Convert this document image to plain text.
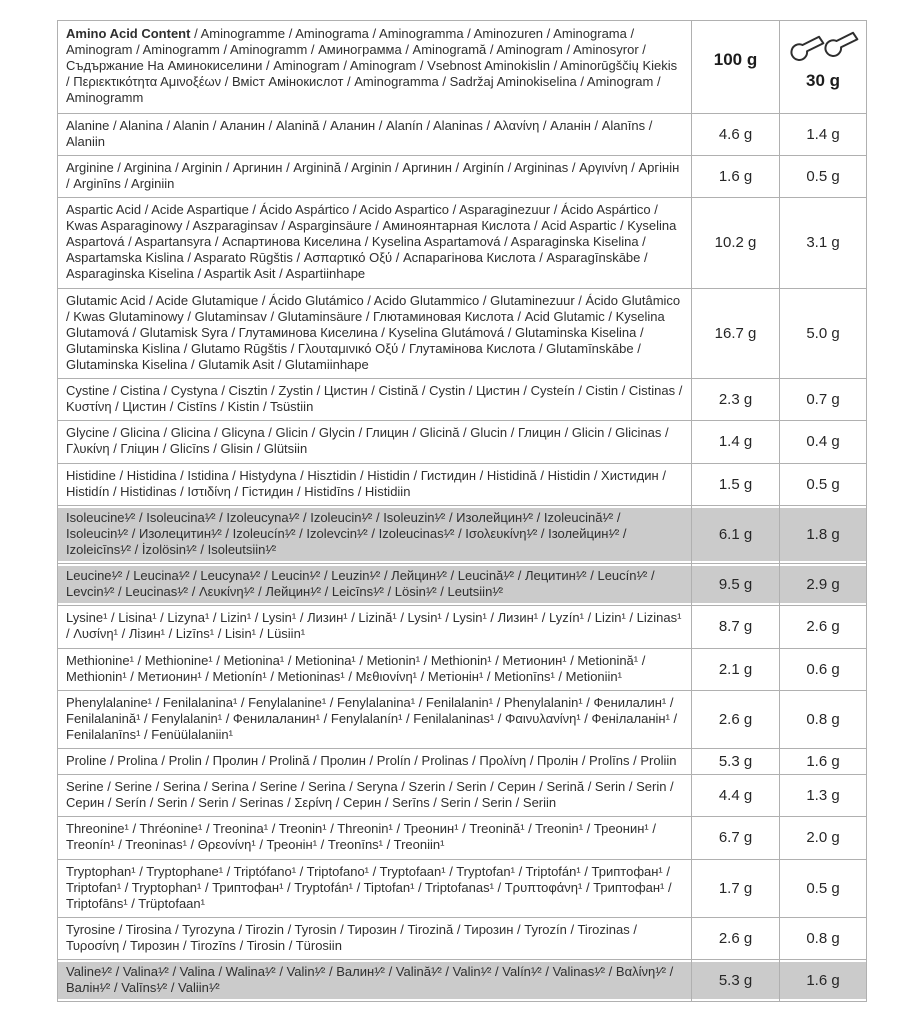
Amino Acid Content / Aminogramme / Aminograma / Aminogramma / Aminozuren / Aminograma / Aminogram / Aminogramm / Aminogramm / Аминограмма / Aminogramă / Aminogram / Aminosyror / Съдържание На Аминокиселини / Aminogram / Aminogram / Vsebnost Aminokislin / Aminorūgščių Kiekis / Περιεκτικότητα Αμινοξέων / Вміст Амінокислот / Aminogramma / Sadržaj Aminokiselina / Aminogram / Aminogramm	100 g	30 g

Alanine / Alanina / Alanin / Аланин / Alanină / Аланин / Alanín / Alaninas / Αλανίνη / Аланін / Alanīns / Alaniin	4.6 g	1.4 g
Arginine / Arginina / Arginin / Аргинин / Arginină / Arginin / Аргинин / Arginín / Argininas / Αργινίνη / Аргінін / Arginīns / Arginiin	1.6 g	0.5 g
Aspartic Acid / Acide Aspartique / Ácido Aspártico / Acido Aspartico / Asparaginezuur / Ácido Aspártico / Kwas Asparaginowy / Aszparaginsav / Asparginsäure / Аминоянтарная Кислота / Acid Aspartic / Kyselina Aspartová / Aspartansyra / Аспартинова Киселина / Kyselina Aspartamová / Asparaginska Kiselina / Aspartamska Kislina / Asparato Rūgštis / Ασπαρτικό Οξύ / Аспарагінова Кислота / Asparagīnskābe / Asparaginska Kiselina / Aspartik Asit / Aspartiinhape	10.2 g	3.1 g
Glutamic Acid / Acide Glutamique / Ácido Glutámico / Acido Glutammico / Glutaminezuur / Ácido Glutâmico / Kwas Glutaminowy / Glutaminsav / Glutaminsäure / Глютаминовая Кислота / Acid Glutamic / Kyselina Glutamová / Glutamisk Syra / Глутаминова Киселина / Kyselina Glutámová / Glutaminska Kiselina / Glutaminska Kislina / Glutamo Rūgštis / Γλουταμινικό Οξύ / Глутамінова Кислота / Glutamīnskābe / Glutaminska Kiselina / Glutamik Asit / Glutamiinhape	16.7 g	5.0 g
Cystine / Cistina / Cystyna / Cisztin / Zystin / Цистин / Cistină / Cystin / Цистин / Cysteín / Cistin / Cistinas / Κυστίνη / Цистин / Cistīns / Kistin / Tsüstiin	2.3 g	0.7 g
Glycine / Glicina / Glicina / Glicyna / Glicin / Glycin / Глицин / Glicină / Glucin / Глицин / Glicin / Glicinas / Γλυκίνη / Гліцин / Glicīns / Glisin / Glütsiin	1.4 g	0.4 g
Histidine / Histidina / Istidina / Histydyna / Hisztidin / Histidin / Гистидин / Histidină / Histidin / Хистидин / Histidín / Histidinas / Ιστιδίνη / Гістидин / Histidīns / Histidiin	1.5 g	0.5 g
Isoleucine¹⁄² / Isoleucina¹⁄² / Izoleucyna¹⁄² / Izoleucin¹⁄² / Isoleuzin¹⁄² / Изолейцин¹⁄² / Izoleucină¹⁄² / Isoleucin¹⁄² / Изолецитин¹⁄² / Izoleucín¹⁄² / Izolevcin¹⁄² / Izoleucinas¹⁄² / Ισολευκίνη¹⁄² / Ізолейцин¹⁄² / Izoleicīns¹⁄² / İzolösin¹⁄² / Isoleutsiin¹⁄²	6.1 g	1.8 g
Leucine¹⁄² / Leucina¹⁄² / Leucyna¹⁄² / Leucin¹⁄² / Leuzin¹⁄² / Лейцин¹⁄² / Leucină¹⁄² / Лецитин¹⁄² / Leucín¹⁄² / Levcin¹⁄² / Leucinas¹⁄² / Λευκίνη¹⁄² / Лейцин¹⁄² / Leicīns¹⁄² / Lösin¹⁄² / Leutsiin¹⁄²	9.5 g	2.9 g
Lysine¹ / Lisina¹ / Lizyna¹ / Lizin¹ / Lysin¹ / Лизин¹ / Lizină¹ / Lysin¹ / Lysin¹ / Лизин¹ / Lyzín¹ / Lizin¹ / Lizinas¹ / Λυσίνη¹ / Лізин¹ / Lizīns¹ / Lisin¹ / Lüsiin¹	8.7 g	2.6 g
Methionine¹ / Methionine¹ / Metionina¹ / Metionina¹ / Metionin¹ / Methionin¹ / Метионин¹ / Metionină¹ / Methionin¹ / Метионин¹ / Metionín¹ / Metioninas¹ / Μεθιονίνη¹ / Метіонін¹ / Metionīns¹ / Metioniin¹	2.1 g	0.6 g
Phenylalanine¹ / Fenilalanina¹ / Fenylalanine¹ / Fenylalanina¹ / Fenilalanin¹ / Phenylalanin¹ / Фенилалин¹ / Fenilalanină¹ / Fenylalanin¹ / Фенилаланин¹ / Fenylalanín¹ / Fenilalaninas¹ / Φαινυλανίνη¹ / Фенілаланін¹ / Fenilalanīns¹ / Fenüülalaniin¹	2.6 g	0.8 g
Proline / Prolina / Prolin / Пролин / Prolină / Пролин / Prolín / Prolinas / Προλίνη / Пролін / Prolīns / Proliin	5.3 g	1.6 g
Serine / Serine / Serina / Serina / Serine / Serina / Seryna / Szerin / Serin / Серин / Serină / Serin / Serin / Серин / Serín / Serin / Serin / Serinas / Σερίνη / Серин / Serīns / Serin / Serin / Seriin	4.4 g	1.3 g
Threonine¹ / Thréonine¹ / Treonina¹ / Treonin¹ / Threonin¹ / Треонин¹ / Treonină¹ / Treonin¹ / Треонин¹ / Treonín¹ / Treoninas¹ / Θρεονίνη¹ / Треонін¹ / Treonīns¹ / Treoniin¹	6.7 g	2.0 g
Tryptophan¹ / Tryptophane¹ / Triptófano¹ / Triptofano¹ / Tryptofaan¹ / Tryptofan¹ / Triptofán¹ / Триптофан¹ / Triptofan¹ / Tryptophan¹ / Триптофан¹ / Tryptofán¹ / Tiptofan¹ / Triptofanas¹ / Τρυπτοφάνη¹ / Триптофан¹ / Triptofāns¹ / Trüptofaan¹	1.7 g	0.5 g
Tyrosine / Tirosina / Tyrozyna / Tirozin / Tyrosin / Тирозин / Tirozină / Тирозин / Tyrozín / Tirozinas / Τυροσίνη / Тирозин / Tirozīns / Tirosin / Türosiin	2.6 g	0.8 g
Valine¹⁄² / Valina¹⁄² / Valina / Walina¹⁄² / Valin¹⁄² / Валин¹⁄² / Valină¹⁄² / Valin¹⁄² / Valín¹⁄² / Valinas¹⁄² / Βαλίνη¹⁄² / Валін¹⁄² / Valīns¹⁄² / Valiin¹⁄²	5.3 g	1.6 g
